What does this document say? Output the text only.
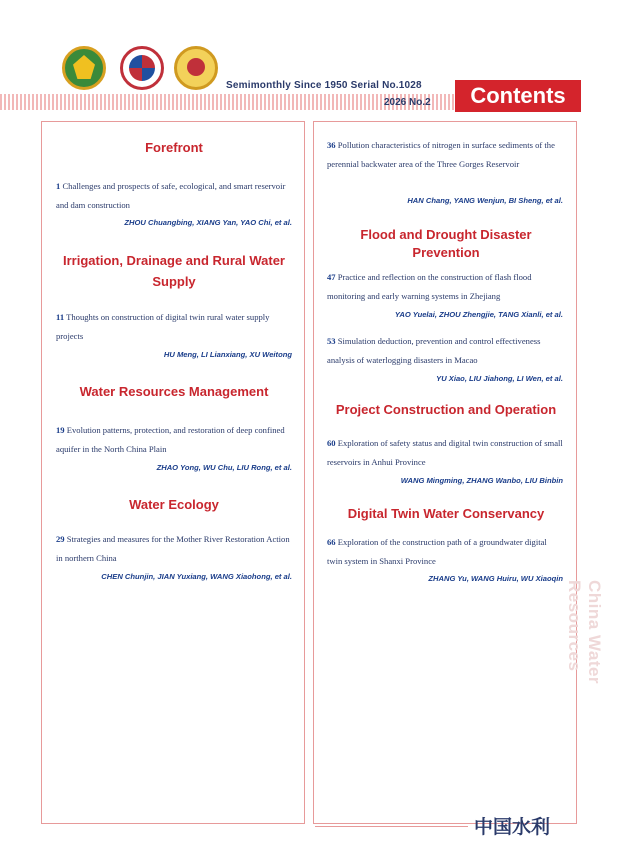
Semimonthly Since 1950 Serial No.1028
2026 No.2	Contents
Forefront
1 Challenges and prospects of safe, ecological, and smart reservoir and dam construction
ZHOU Chuangbing, XIANG Yan, YAO Chi, et al.
Irrigation, Drainage and Rural Water Supply
11 Thoughts on construction of digital twin rural water supply projects
HU Meng, LI Lianxiang, XU Weitong
Water Resources Management
19 Evolution patterns, protection, and restoration of deep confined aquifer in the North China Plain
ZHAO Yong, WU Chu, LIU Rong, et al.
Water Ecology
29 Strategies and measures for the Mother River Restoration Action in northern China
CHEN Chunjin, JIAN Yuxiang, WANG Xiaohong, et al.
36 Pollution characteristics of nitrogen in surface sediments of the perennial backwater area of the Three Gorges Reservoir
HAN Chang, YANG Wenjun, BI Sheng, et al.
Flood and Drought Disaster Prevention
47 Practice and reflection on the construction of flash flood monitoring and early warning systems in Zhejiang
YAO Yuelai, ZHOU Zhengjie, TANG Xianli, et al.
53 Simulation deduction, prevention and control effectiveness analysis of waterlogging disasters in Macao
YU Xiao, LIU Jiahong, LI Wen, et al.
Project Construction and Operation
60 Exploration of safety status and digital twin construction of small reservoirs in Anhui Province
WANG Mingming, ZHANG Wanbo, LIU Binbin
Digital Twin Water Conservancy
66 Exploration of the construction path of a groundwater digital twin system in Shanxi Province
ZHANG Yu, WANG Huiru, WU Xiaoqin
China Water Resources
中国水利
